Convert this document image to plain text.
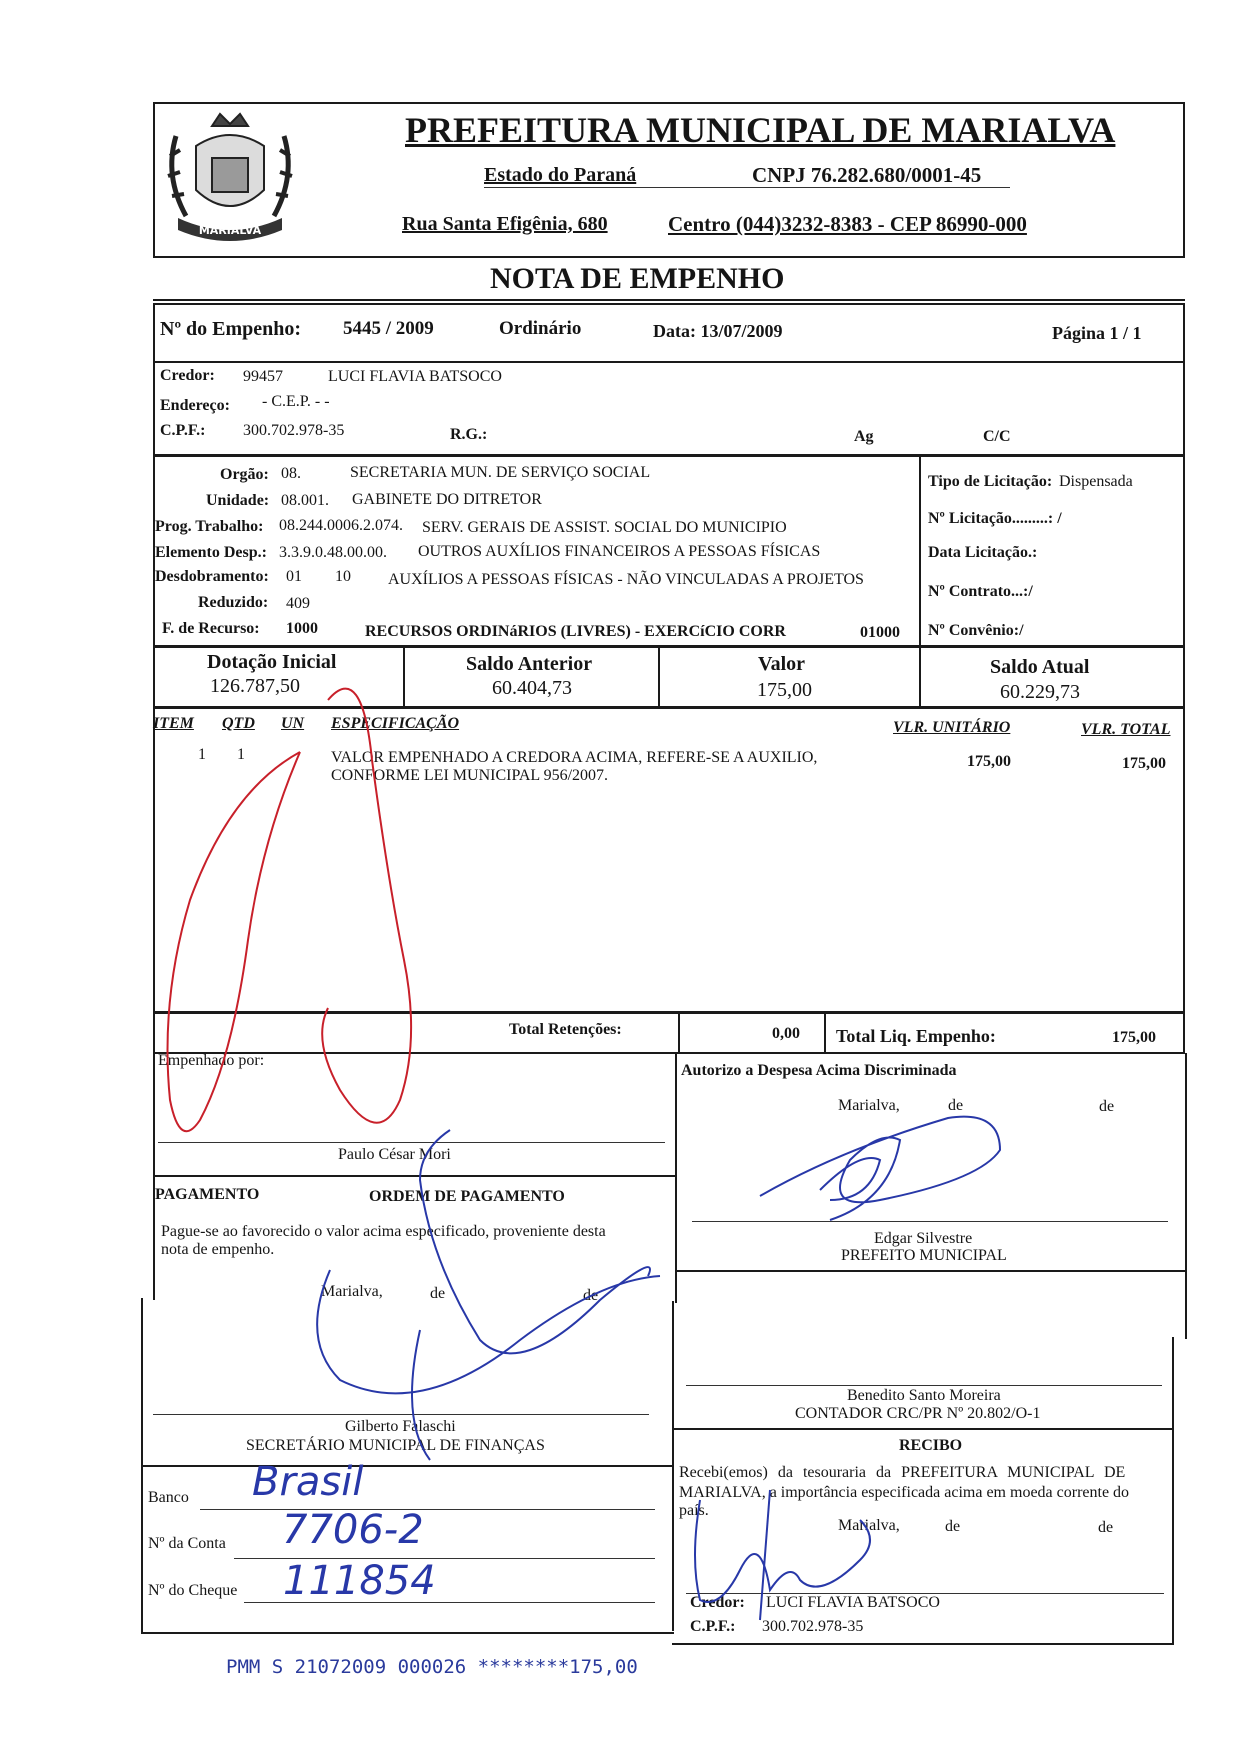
MARIALVA
PREFEITURA MUNICIPAL DE MARIALVA
Estado do Paraná	CNPJ 76.282.680/0001-45
Rua Santa Efigênia, 680	Centro (044)3232-8383 - CEP 86990-000
NOTA DE EMPENHO
Nº do Empenho: 5445 / 2009	Ordinário	Data: 13/07/2009	Página 1 / 1
Credor: 99457	LUCI FLAVIA BATSOCO
Endereço: - C.E.P. - -
C.P.F.: 300.702.978-35	R.G.:	Ag	C/C
Orgão: 08.	SECRETARIA MUN. DE SERVIÇO SOCIAL
Unidade: 08.001. GABINETE DO DITRETOR
Prog. Trabalho: 08.244.0006.2.074. SERV. GERAIS DE ASSIST. SOCIAL DO MUNICIPIO
Elemento Desp.: 3.3.9.0.48.00.00. OUTROS AUXÍLIOS FINANCEIROS A PESSOAS FÍSICAS
Desdobramento: 01 10 AUXÍLIOS A PESSOAS FÍSICAS - NÃO VINCULADAS A PROJETOS
Reduzido: 409
F. de Recurso: 1000	RECURSOS ORDINáRIOS (LIVRES) - EXERCíCIO CORR	01000
Tipo de Licitação: Dispensada
Nº Licitação.........: /
Data Licitação.:
Nº Contrato...:/
Nº Convênio:/
Dotação Inicial
126.787,50
Saldo Anterior
60.404,73
Valor
175,00
Saldo Atual
60.229,73
ITEM QTD UN ESPECIFICAÇÃO	VLR. UNITÁRIO	VLR. TOTAL
1 1	VALOR EMPENHADO A CREDORA ACIMA, REFERE-SE A AUXILIO,
CONFORME LEI MUNICIPAL 956/2007.
175,00	175,00
Total Retenções:	0,00 Total Liq. Empenho:	175,00
Empenhado por:
Paulo César Mori
Autorizo a Despesa Acima Discriminada
Marialva,	de	de
Edgar Silvestre
PREFEITO MUNICIPAL
PAGAMENTO	ORDEM DE PAGAMENTO
Pague-se ao favorecido o valor acima especificado, proveniente desta
nota de empenho.
Marialva,	de	de
Gilberto Falaschi
SECRETÁRIO MUNICIPAL DE FINANÇAS
Benedito Santo Moreira
CONTADOR CRC/PR Nº 20.802/O-1
RECIBO
Recebi(emos) da tesouraria da PREFEITURA MUNICIPAL DE
MARIALVA, a importância especificada acima em moeda corrente do
país.
Marialva,	de	de
Credor: LUCI FLAVIA BATSOCO
C.P.F.: 300.702.978-35
Banco Brasil
Nº da Conta 7706-2
Nº do Cheque 111854
PMM S 21072009 000026 ********175,00
